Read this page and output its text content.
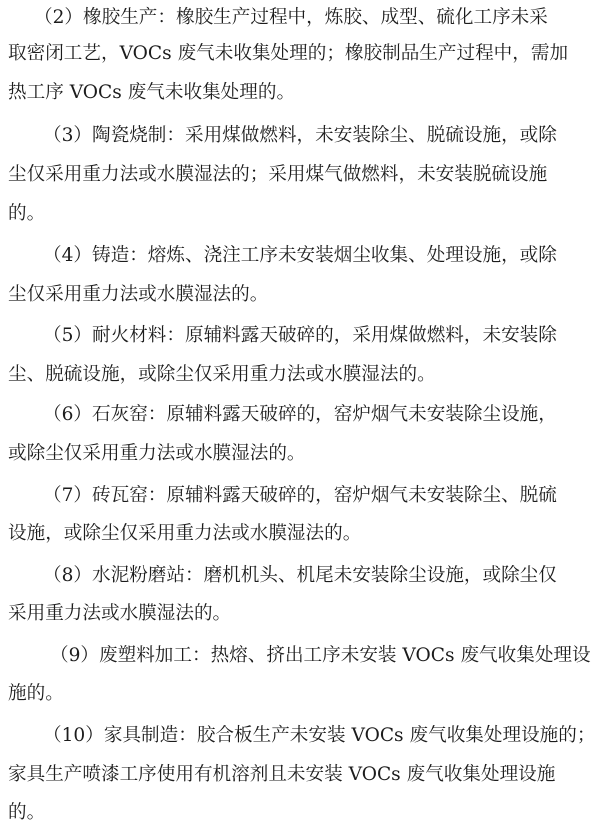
（2）橡胶生产：橡胶生产过程中，炼胶、成型、硫化工序未采
取密闭工艺，VOCs 废气未收集处理的；橡胶制品生产过程中，需加
热工序 VOCs 废气未收集处理的。
（3）陶瓷烧制：采用煤做燃料，未安装除尘、脱硫设施，或除
尘仅采用重力法或水膜湿法的；采用煤气做燃料，未安装脱硫设施
的。
（4）铸造：熔炼、浇注工序未安装烟尘收集、处理设施，或除
尘仅采用重力法或水膜湿法的。
（5）耐火材料：原辅料露天破碎的，采用煤做燃料，未安装除
尘、脱硫设施，或除尘仅采用重力法或水膜湿法的。
（6）石灰窑：原辅料露天破碎的，窑炉烟气未安装除尘设施，
或除尘仅采用重力法或水膜湿法的。
（7）砖瓦窑：原辅料露天破碎的，窑炉烟气未安装除尘、脱硫
设施，或除尘仅采用重力法或水膜湿法的。
（8）水泥粉磨站：磨机机头、机尾未安装除尘设施，或除尘仅
采用重力法或水膜湿法的。
（9）废塑料加工：热熔、挤出工序未安装 VOCs 废气收集处理设
施的。
（10）家具制造：胶合板生产未安装 VOCs 废气收集处理设施的；
家具生产喷漆工序使用有机溶剂且未安装 VOCs 废气收集处理设施
的。
